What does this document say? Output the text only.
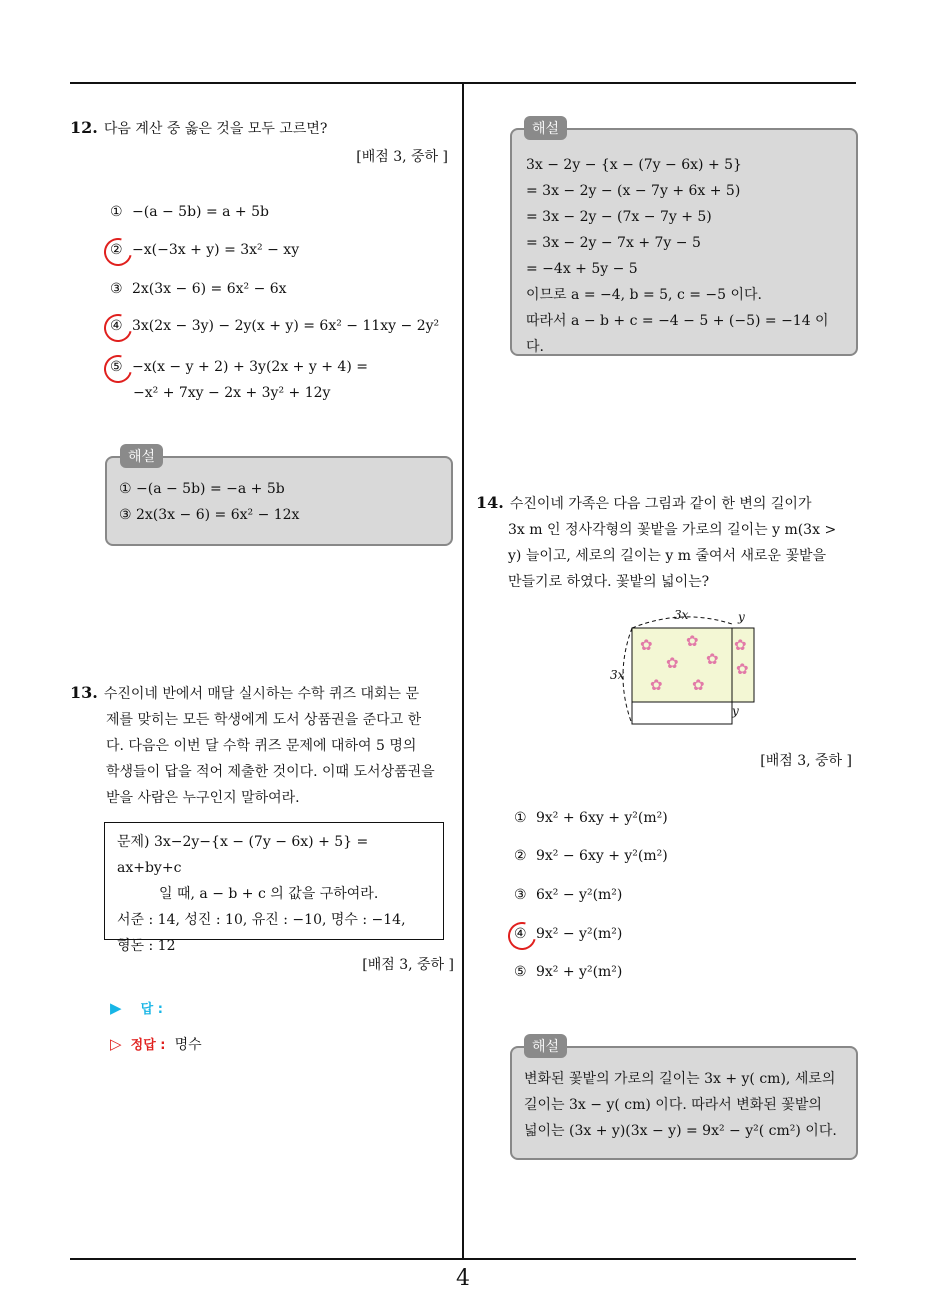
4
12. 다음 계산 중 옳은 것을 모두 고르면?
[배점 3, 중하 ]
① −(a − 5b) = a + 5b
② −x(−3x + y) = 3x² − xy
③ 2x(3x − 6) = 6x² − 6x
④ 3x(2x − 3y) − 2y(x + y) = 6x² − 11xy − 2y²
⑤ −x(x − y + 2) + 3y(2x + y + 4) =
−x² + 7xy − 2x + 3y² + 12y
① −(a − 5b) = −a + 5b
③ 2x(3x − 6) = 6x² − 12x
해설
13. 수진이네 반에서 매달 실시하는 수학 퀴즈 대회는 문
제를 맞히는 모든 학생에게 도서 상품권을 준다고 한
다. 다음은 이번 달 수학 퀴즈 문제에 대하여 5 명의
학생들이 답을 적어 제출한 것이다. 이때 도서상품권을
받을 사람은 누구인지 말하여라.
문제) 3x−2y−{x − (7y − 6x) + 5} = ax+by+c
일 때, a − b + c 의 값을 구하여라.
서준 : 14, 성진 : 10, 유진 : −10, 명수 : −14,
형돈 : 12
[배점 3, 중하 ]
▶ 답 :
▷ 정답 : 명수
3x − 2y − {x − (7y − 6x) + 5}
= 3x − 2y − (x − 7y + 6x + 5)
= 3x − 2y − (7x − 7y + 5)
= 3x − 2y − 7x + 7y − 5
= −4x + 5y − 5
이므로 a = −4, b = 5, c = −5 이다.
따라서 a − b + c = −4 − 5 + (−5) = −14 이다.
해설
14. 수진이네 가족은 다음 그림과 같이 한 변의 길이가
3x m 인 정사각형의 꽃밭을 가로의 길이는 y m(3x >
y) 늘이고, 세로의 길이는 y m 줄여서 새로운 꽃밭을
만들기로 하였다. 꽃밭의 넓이는?
✿ ✿ ✿
✿ ✿
✿
✿ ✿
3x
3x
y
y
[배점 3, 중하 ]
① 9x² + 6xy + y²(m²)
② 9x² − 6xy + y²(m²)
③ 6x² − y²(m²)
④ 9x² − y²(m²)
⑤ 9x² + y²(m²)
변화된 꽃밭의 가로의 길이는 3x + y( cm), 세로의
길이는 3x − y( cm) 이다. 따라서 변화된 꽃밭의
넓이는 (3x + y)(3x − y) = 9x² − y²( cm²) 이다.
해설
